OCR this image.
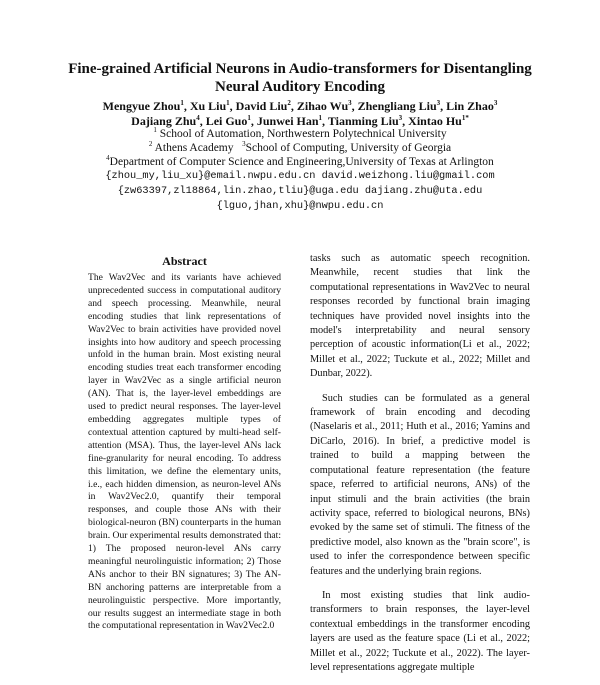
Fine-grained Artificial Neurons in Audio-transformers for Disentangling Neural Auditory Encoding
Mengyue Zhou$^1$, Xu Liu$^1$, David Liu$^2$, Zihao Wu$^3$, Zhengliang Liu$^3$, Lin Zhao$^3$
Dajiang Zhu$^4$, Lei Guo$^1$, Junwei Han$^1$, Tianming Liu$^3$, Xintao $Hu^{1*}$
$^1$ School of Automation, Northwestern Polytechnical University
$^2$ Athens Academy $^3$School of Computing, University of Georgia
$^4$Department of Computer Science and Engineering,University of Texas at Arlington
{zhou_my,liu_xu}@email.nwpu.edu.cn david.weizhong.liu@gmail.com
{zw63397,zl18864,lin.zhao,tliu}@uga.edu dajiang.zhu@uta.edu
{lguo,jhan,xhu}@nwpu.edu.cn
Abstract
The Wav2Vec and its variants have achieved unprecedented success in computational auditory and speech processing. Meanwhile, neural encoding studies that link representations of Wav2Vec to brain activities have provided novel insights into how auditory and speech processing unfold in the human brain. Most existing neural encoding studies treat each transformer encoding layer in Wav2Vec as a single artificial neuron (AN). That is, the layer-level embeddings are used to predict neural responses. The layer-level embedding aggregates multiple types of contextual attention captured by multi-head self-attention (MSA). Thus, the layer-level ANs lack fine-granularity for neural encoding. To address this limitation, we define the elementary units, i.e., each hidden dimension, as neuron-level ANs in Wav2Vec2.0, quantify their temporal responses, and couple those ANs with their biological-neuron (BN) counterparts in the human brain. Our experimental results demonstrated that: 1) The proposed neuron-level ANs carry meaningful neurolinguistic information; 2) Those ANs anchor to their BN signatures; 3) The AN-BN anchoring patterns are interpretable from a neurolinguistic perspective. More importantly, our results suggest an intermediate stage in both the computational representation in Wav2Vec2.0

tasks such as automatic speech recognition. Meanwhile, recent studies that link the computational representations in Wav2Vec to neural responses recorded by functional brain imaging techniques have provided novel insights into the model's interpretability and neural sensory perception of acoustic information(Li et al., 2022; Millet et al., 2022; Tuckute et al., 2022; Millet and Dunbar, 2022).

Such studies can be formulated as a general framework of brain encoding and decoding (Naselaris et al., 2011; Huth et al., 2016; Yamins and DiCarlo, 2016). In brief, a predictive model is trained to build a mapping between the computational feature representation (the feature space, referred to artificial neurons, ANs) of the input stimuli and the brain activities (the brain activity space, referred to biological neurons, BNs) evoked by the same set of stimuli. The fitness of the predictive model, also known as the "brain score", is used to infer the correspondence between specific features and the underlying brain regions.

In most existing studies that link audio-transformers to brain responses, the layer-level contextual embeddings in the transformer encoding layers are used as the feature space (Li et al., 2022; Millet et al., 2022; Tuckute et al., 2022). The layer-level representations aggregate multiple
